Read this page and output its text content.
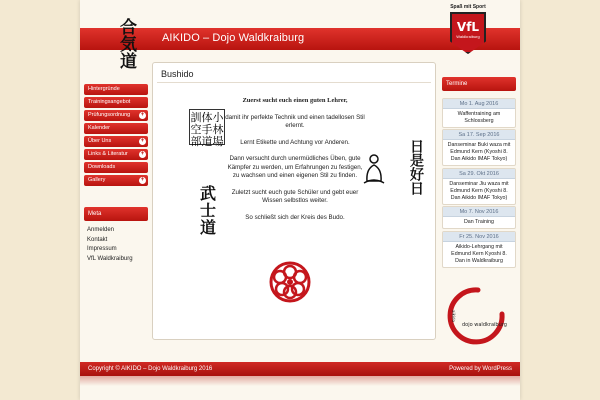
合気道 AIKIDO – Dojo Waldkraiburg
Spaß mit Sport
VfL
Waldkraiburg
Hintergründe
Trainingsangebot
Prüfungsordnung +
Kalender
Über Uns	+
Links & Literatur +
Downloads
Gallery	+
Meta
Anmelden
Kontakt
Impressum
VfL Waldkraiburg
Bushido
訓体小空手林部道場
武士道
日是好日

Zuerst sucht euch einen guten Lehrer,

damit ihr perfekte Technik und einen tadellosen Stil erlernt.

Lernt Etikette und Achtung vor Anderen.

Dann versucht durch unermüdliches Üben, gute Kämpfer zu werden, um Erfahrungen zu festigen, zu wachsen und einen eigenen Stil zu finden.

Zuletzt sucht euch gute Schüler und gebt euer Wissen selbstlos weiter.

So schließt sich der Kreis des Budo.

Termine
Mo 1. Aug 2016
Waffentraining am Schlossberg
Sa 17. Sep 2016
Danseminar Buki waza mit Edmund Kern (Kyoshi 8. Dan Aikido IMAF Tokyo)
Sa 29. Okt 2016
Danseminar Jiu waza mit Edmund Kern (Kyoshi 8. Dan Aikido IMAF Tokyo)
Mo 7. Nov 2016
Dan Training
Fr 25. Nov 2016
Aikido-Lehrgang mit Edmund Kern Kyoshi 8. Dan in Waldkraiburg
dojo waldkraiburg
aikido
Copyright © AIKIDO – Dojo Waldkraiburg 2016	Powered by WordPress
